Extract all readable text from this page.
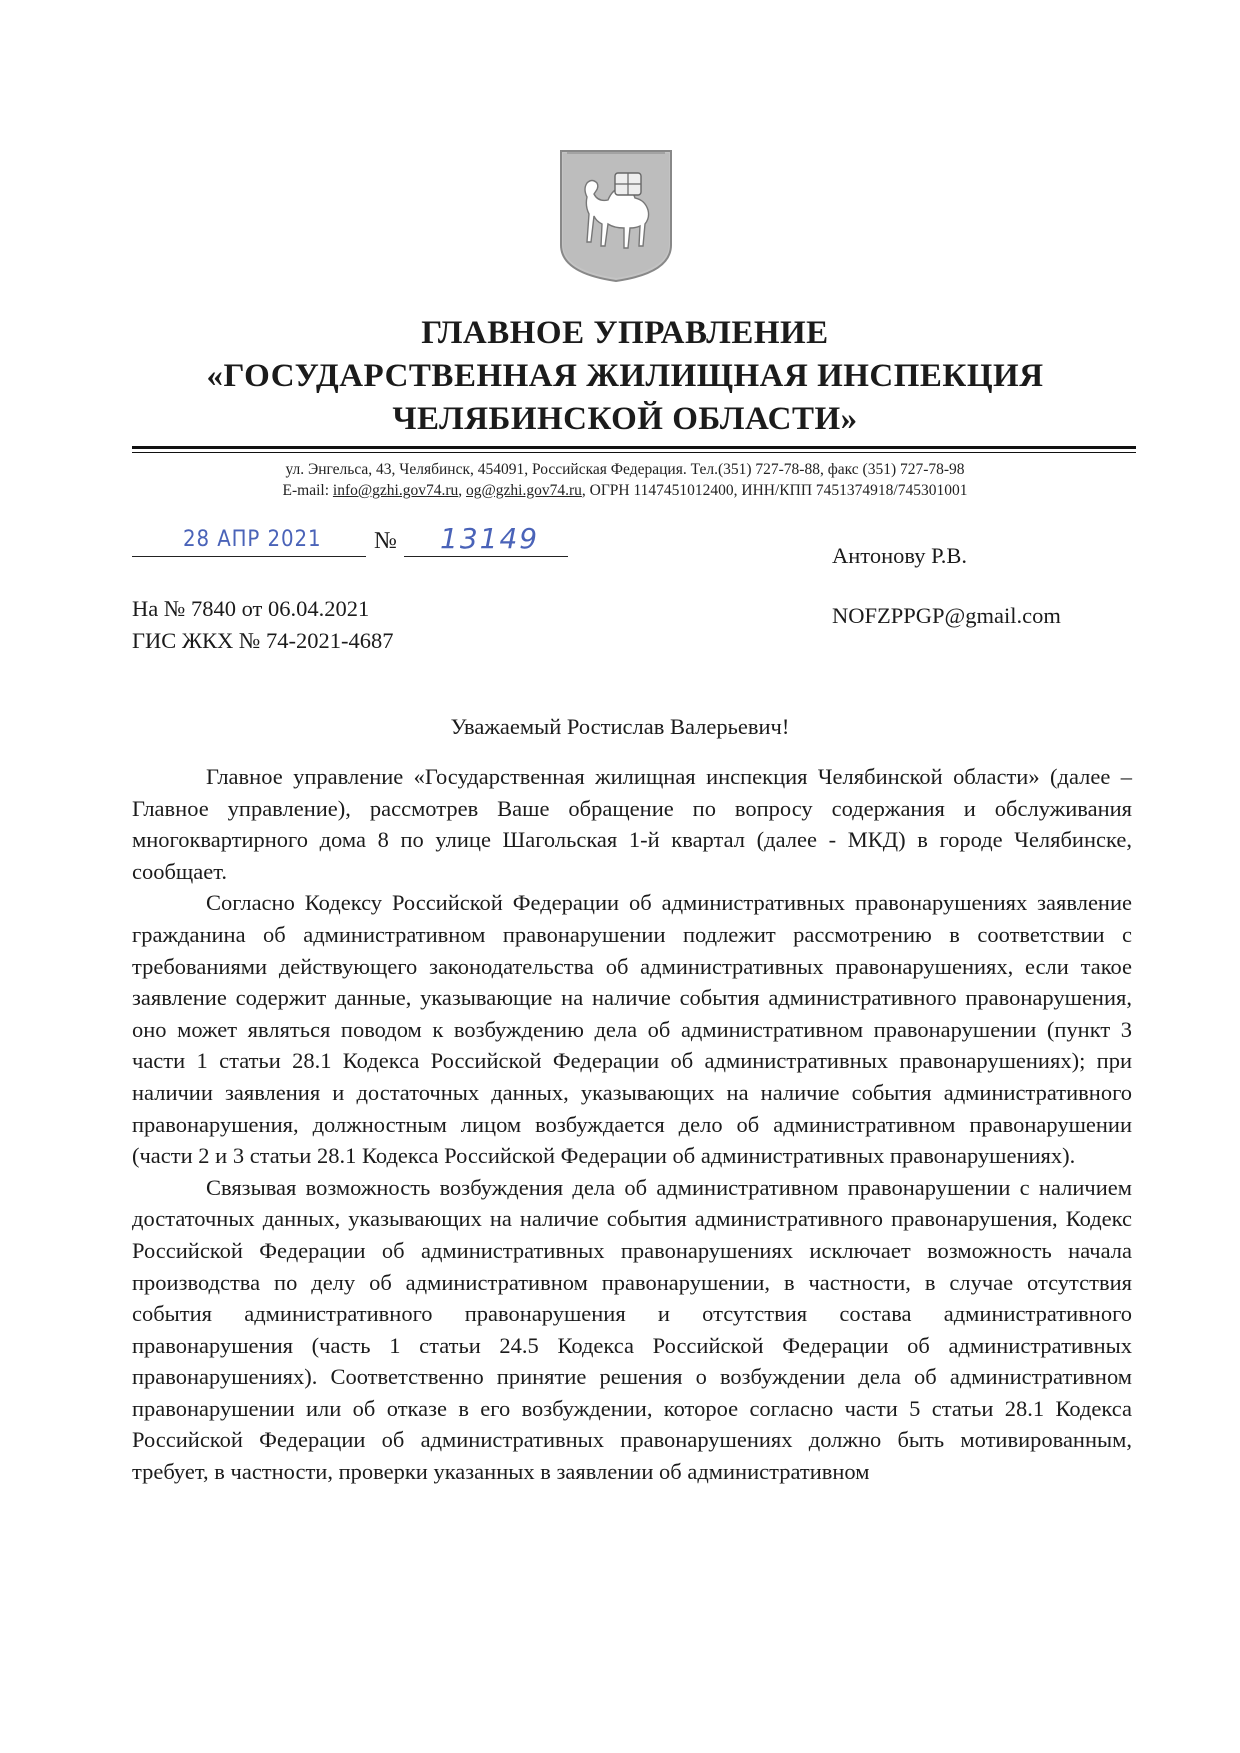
ГЛАВНОЕ УПРАВЛЕНИЕ
«ГОСУДАРСТВЕННАЯ ЖИЛИЩНАЯ ИНСПЕКЦИЯ
ЧЕЛЯБИНСКОЙ ОБЛАСТИ»
ул. Энгельса, 43, Челябинск, 454091, Российская Федерация. Тел.(351) 727-78-88, факс (351) 727-78-98
E-mail: info@gzhi.gov74.ru, og@gzhi.gov74.ru, ОГРН 1147451012400, ИНН/КПП 7451374918/745301001
28 АПР 2021 № 13149
Антонову Р.В.
NOFZPPGP@gmail.com
На № 7840 от 06.04.2021
ГИС ЖКХ № 74-2021-4687
Уважаемый Ростислав Валерьевич!

Главное управление «Государственная жилищная инспекция Челябинской области» (далее – Главное управление), рассмотрев Ваше обращение по вопросу содержания и обслуживания многоквартирного дома 8 по улице Шагольская 1-й квартал (далее - МКД) в городе Челябинске, сообщает.

Согласно Кодексу Российской Федерации об административных правонарушениях заявление гражданина об административном правонарушении подлежит рассмотрению в соответствии с требованиями действующего законодательства об административных правонарушениях, если такое заявление содержит данные, указывающие на наличие события административного правонарушения, оно может являться поводом к возбуждению дела об административном правонарушении (пункт 3 части 1 статьи 28.1 Кодекса Российской Федерации об административных правонарушениях); при наличии заявления и достаточных данных, указывающих на наличие события административного правонарушения, должностным лицом возбуждается дело об административном правонарушении (части 2 и 3 статьи 28.1 Кодекса Российской Федерации об административных правонарушениях).

Связывая возможность возбуждения дела об административном правонарушении с наличием достаточных данных, указывающих на наличие события административного правонарушения, Кодекс Российской Федерации об административных правонарушениях исключает возможность начала производства по делу об административном правонарушении, в частности, в случае отсутствия события административного правонарушения и отсутствия состава административного правонарушения (часть 1 статьи 24.5 Кодекса Российской Федерации об административных правонарушениях). Соответственно принятие решения о возбуждении дела об административном правонарушении или об отказе в его возбуждении, которое согласно части 5 статьи 28.1 Кодекса Российской Федерации об административных правонарушениях должно быть мотивированным, требует, в частности, проверки указанных в заявлении об административном
